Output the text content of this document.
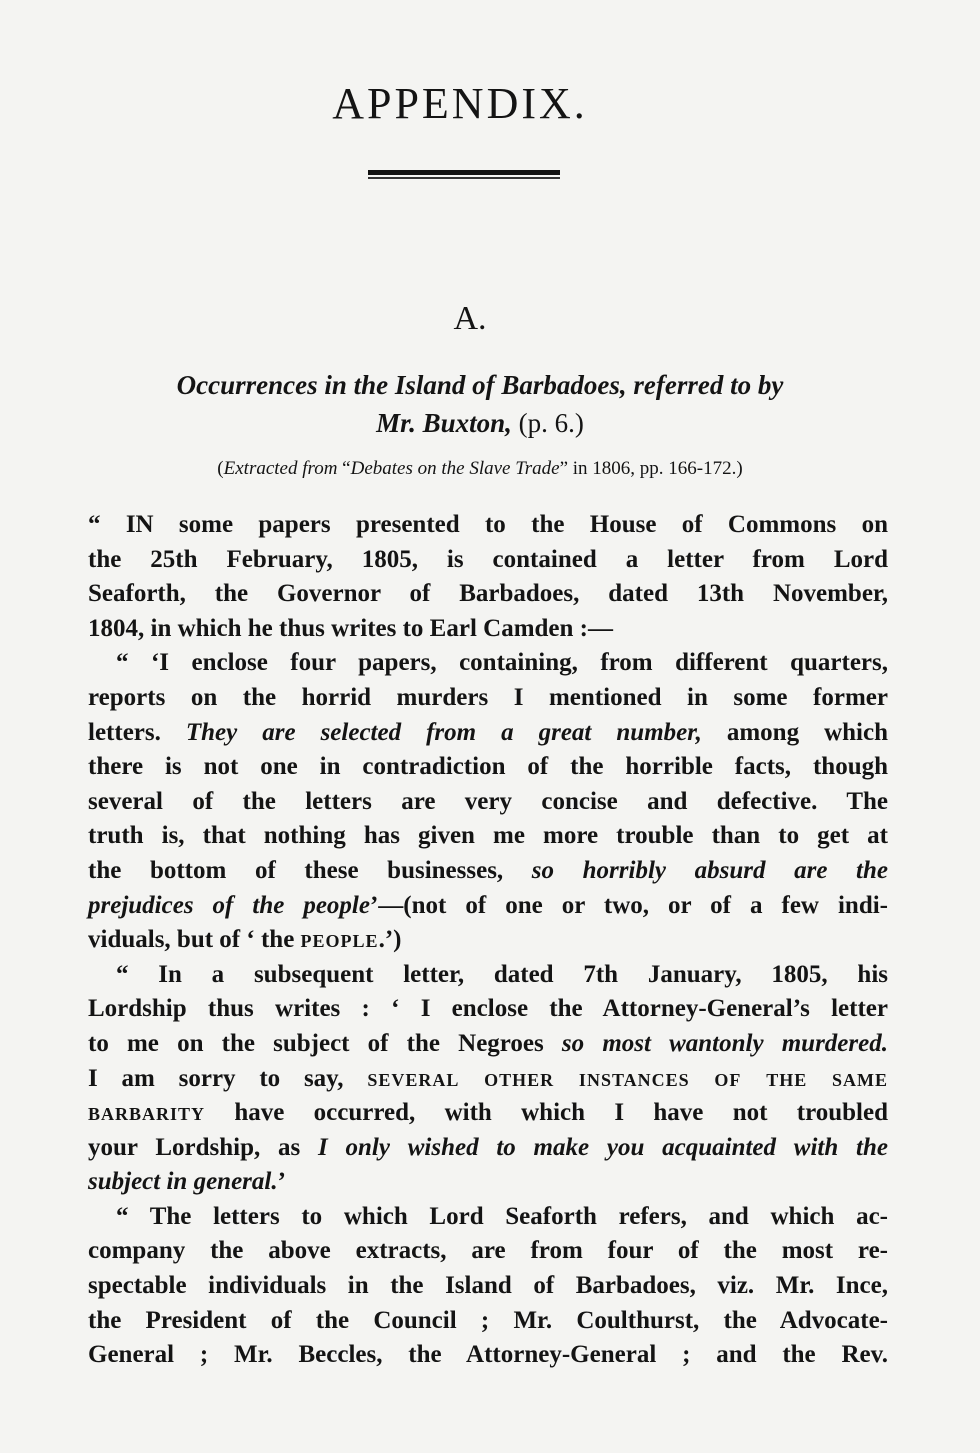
APPENDIX.
A.
Occurrences in the Island of Barbadoes, referred to by
Mr. Buxton, (p. 6.)
(Extracted from “Debates on the Slave Trade” in 1806, pp. 166-172.)

“ IN some papers presented to the House of Commons on
the 25th February, 1805, is contained a letter from Lord
Seaforth, the Governor of Barbadoes, dated 13th November,
1804, in which he thus writes to Earl Camden :—

“ ‘I enclose four papers, containing, from different quarters,
reports on the horrid murders I mentioned in some former
letters. They are selected from a great number, among which
there is not one in contradiction of the horrible facts, though
several of the letters are very concise and defective. The
truth is, that nothing has given me more trouble than to get at
the bottom of these businesses, so horribly absurd are the
prejudices of the people’—(not of one or two, or of a few indi-
viduals, but of ‘ the people.’)

“ In a subsequent letter, dated 7th January, 1805, his
Lordship thus writes : ‘ I enclose the Attorney-General’s letter
to me on the subject of the Negroes so most wantonly murdered.
I am sorry to say, several other instances of the same
barbarity have occurred, with which I have not troubled
your Lordship, as I only wished to make you acquainted with the
subject in general.’

“ The letters to which Lord Seaforth refers, and which ac-
company the above extracts, are from four of the most re-
spectable individuals in the Island of Barbadoes, viz. Mr. Ince,
the President of the Council ; Mr. Coulthurst, the Advocate-
General ; Mr. Beccles, the Attorney-General ; and the Rev.
